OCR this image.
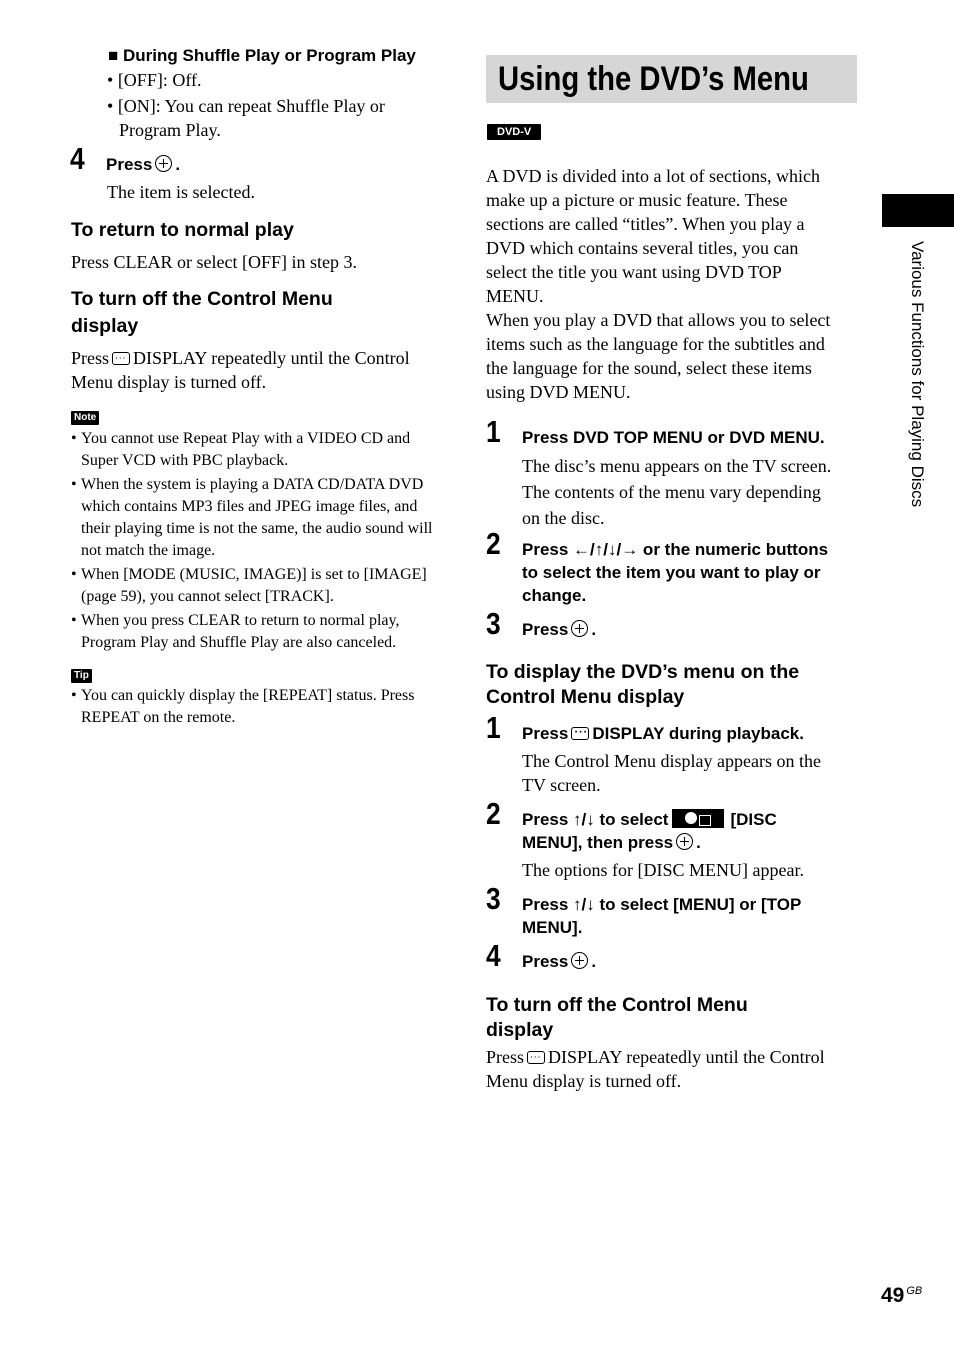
■ During Shuffle Play or Program Play
• [OFF]: Off.
• [ON]: You can repeat Shuffle Play or
Program Play.
4 Press .
The item is selected.
To return to normal play
Press CLEAR or select [OFF] in step 3.
To turn off the Control Menu
display
Press · · · DISPLAY repeatedly until the Control
Menu display is turned off.
Note
• You cannot use Repeat Play with a VIDEO CD and Super VCD with PBC playback.
• When the system is playing a DATA CD/DATA DVD which contains MP3 files and JPEG image files, and their playing time is not the same, the audio sound will not match the image.
• When [MODE (MUSIC, IMAGE)] is set to [IMAGE] (page 59), you cannot select [TRACK].
• When you press CLEAR to return to normal play, Program Play and Shuffle Play are also canceled.
Tip
• You can quickly display the [REPEAT] status. Press REPEAT on the remote.
Using the DVD’s Menu
DVD-V
A DVD is divided into a lot of sections, which
make up a picture or music feature. These
sections are called “titles”. When you play a
DVD which contains several titles, you can
select the title you want using DVD TOP
MENU.
When you play a DVD that allows you to select
items such as the language for the subtitles and
the language for the sound, select these items
using DVD MENU.
1 Press DVD TOP MENU or DVD MENU.
The disc’s menu appears on the TV screen.
The contents of the menu vary depending
on the disc.
2 Press ←/↑/↓/→ or the numeric buttons
to select the item you want to play or
change.
3 Press .
To display the DVD’s menu on the
Control Menu display
1 Press · · · DISPLAY during playback.
The Control Menu display appears on the
TV screen.
2 Press ↑/↓ to select	[DISC
MENU], then press .
The options for [DISC MENU] appear.
3 Press ↑/↓ to select [MENU] or [TOP
MENU].
4 Press .
To turn off the Control Menu
display
Press · · · DISPLAY repeatedly until the Control
Menu display is turned off.
Various Functions for Playing Discs
49 $^{GB}$
